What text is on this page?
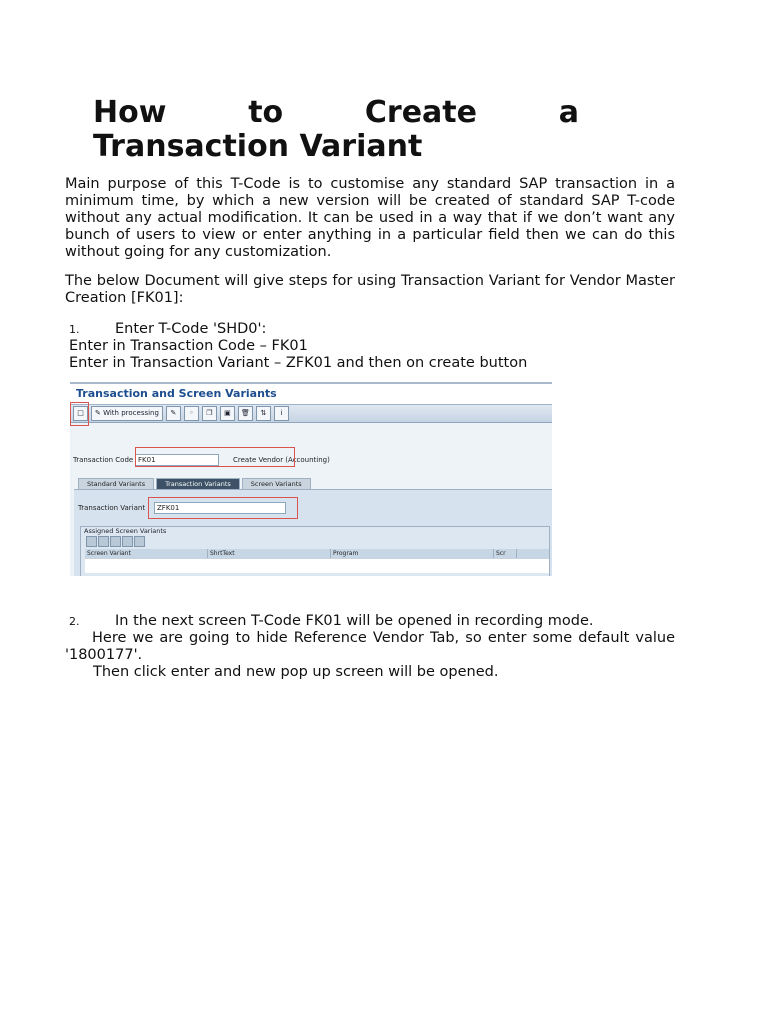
How	to	Create	a
Transaction Variant

Main purpose of this T-Code is to customise any standard SAP transaction in a minimum time, by which a new version will be created of standard SAP T-code without any actual modification. It can be used in a way that if we don’t want any bunch of users to view or enter anything in a particular field then we can do this without going for any customization.

The below Document will give steps for using Transaction Variant for Vendor Master Creation [FK01]:

1. Enter T-Code 'SHD0':

Enter in Transaction Code – FK01

Enter in Transaction Variant – ZFK01 and then on create button

Transaction and Screen Variants
□	✎ With processing	✎	◦	❐	▣	🗑	⇅	i
Transaction Code FK01	Create Vendor (Accounting)
Standard Variants	Transaction Variants	Screen Variants
Transaction Variant	ZFK01
Assigned Screen Variants
Screen Variant	ShrtText	Program	Scr

2. In the next screen T-Code FK01 will be opened in recording mode.

Here we are going to hide Reference Vendor Tab, so enter some default value '1800177'.

Then click enter and new pop up screen will be opened.
